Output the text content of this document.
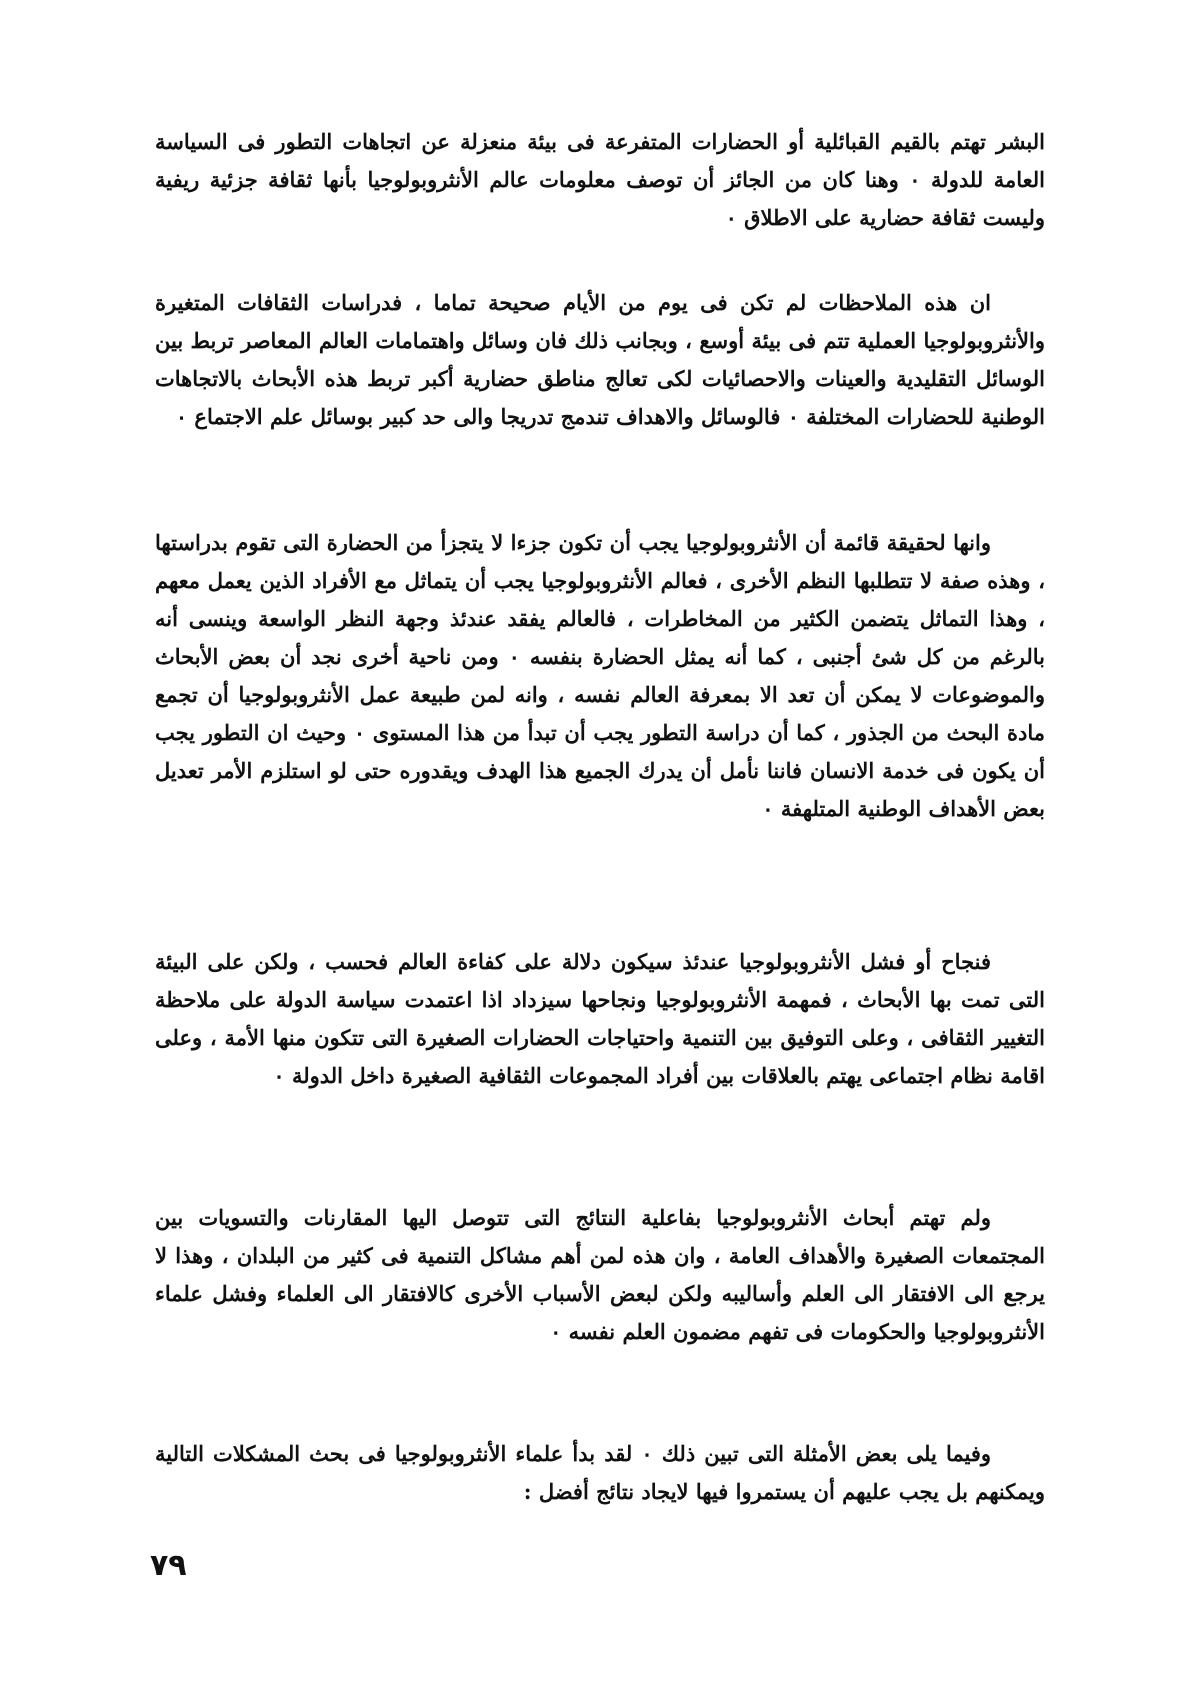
البشر تهتم بالقيم القبائلية أو الحضارات المتفرعة فى بيئة منعزلة عن اتجاهات التطور فى السياسة العامة للدولة ٠ وهنا كان من الجائز أن توصف معلومات عالم الأنثروبولوجيا بأنها ثقافة جزئية ريفية وليست ثقافة حضارية على الاطلاق ٠

ان هذه الملاحظات لم تكن فى يوم من الأيام صحيحة تماما ، فدراسات الثقافات المتغيرة والأنثروبولوجيا العملية تتم فى بيئة أوسع ، وبجانب ذلك فان وسائل واهتمامات العالم المعاصر تربط بين الوسائل التقليدية والعينات والاحصائيات لكى تعالج مناطق حضارية أكبر تربط هذه الأبحاث بالاتجاهات الوطنية للحضارات المختلفة ٠ فالوسائل والاهداف تندمج تدريجا والى حد كبير بوسائل علم الاجتماع ٠

وانها لحقيقة قائمة أن الأنثروبولوجيا يجب أن تكون جزءا لا يتجزأ من الحضارة التى تقوم بدراستها ، وهذه صفة لا تتطلبها النظم الأخرى ، فعالم الأنثروبولوجيا يجب أن يتماثل مع الأفراد الذين يعمل معهم ، وهذا التماثل يتضمن الكثير من المخاطرات ، فالعالم يفقد عندئذ وجهة النظر الواسعة وينسى أنه بالرغم من كل شئ أجنبى ، كما أنه يمثل الحضارة بنفسه ٠ ومن ناحية أخرى نجد أن بعض الأبحاث والموضوعات لا يمكن أن تعد الا بمعرفة العالم نفسه ، وانه لمن طبيعة عمل الأنثروبولوجيا أن تجمع مادة البحث من الجذور ، كما أن دراسة التطور يجب أن تبدأ من هذا المستوى ٠ وحيث ان التطور يجب أن يكون فى خدمة الانسان فاننا نأمل أن يدرك الجميع هذا الهدف ويقدوره حتى لو استلزم الأمر تعديل بعض الأهداف الوطنية المتلهفة ٠

فنجاح أو فشل الأنثروبولوجيا عندئذ سيكون دلالة على كفاءة العالم فحسب ، ولكن على البيئة التى تمت بها الأبحاث ، فمهمة الأنثروبولوجيا ونجاحها سيزداد اذا اعتمدت سياسة الدولة على ملاحظة التغيير الثقافى ، وعلى التوفيق بين التنمية واحتياجات الحضارات الصغيرة التى تتكون منها الأمة ، وعلى اقامة نظام اجتماعى يهتم بالعلاقات بين أفراد المجموعات الثقافية الصغيرة داخل الدولة ٠

ولم تهتم أبحاث الأنثروبولوجيا بفاعلية النتائج التى تتوصل اليها المقارنات والتسويات بين المجتمعات الصغيرة والأهداف العامة ، وان هذه لمن أهم مشاكل التنمية فى كثير من البلدان ، وهذا لا يرجع الى الافتقار الى العلم وأساليبه ولكن لبعض الأسباب الأخرى كالافتقار الى العلماء وفشل علماء الأنثروبولوجيا والحكومات فى تفهم مضمون العلم نفسه ٠

وفيما يلى بعض الأمثلة التى تبين ذلك ٠ لقد بدأ علماء الأنثروبولوجيا فى بحث المشكلات التالية ويمكنهم بل يجب عليهم أن يستمروا فيها لايجاد نتائج أفضل :

٧٩
